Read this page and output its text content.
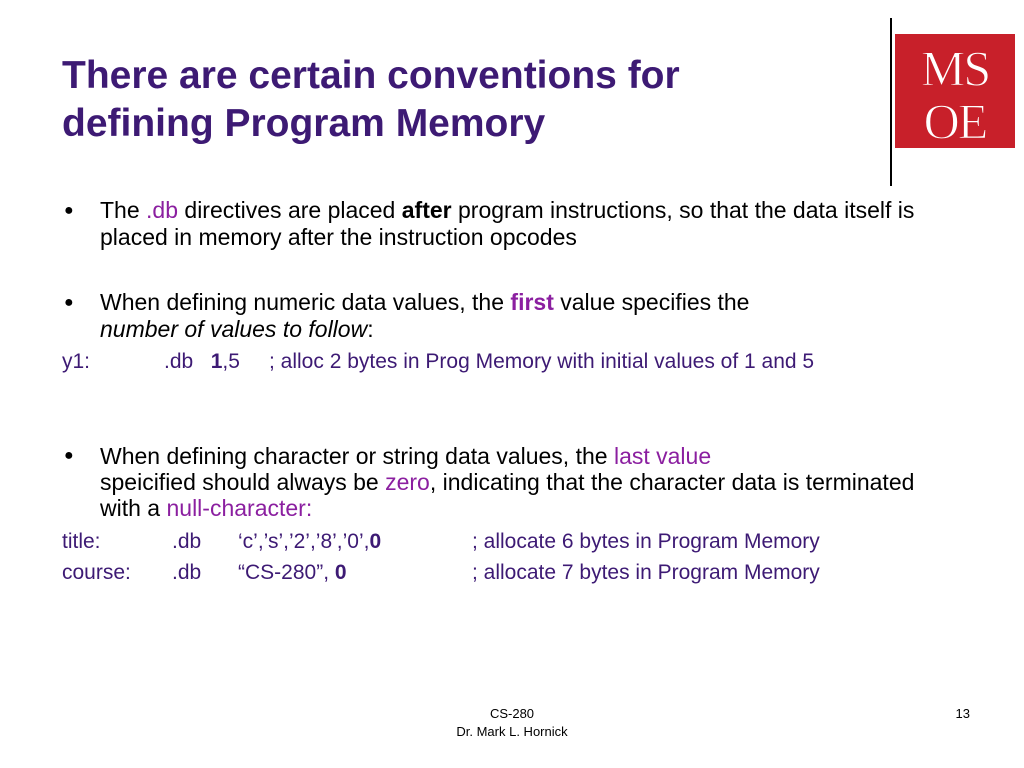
There are certain conventions for
defining Program Memory
MS
OE
● The .db directives are placed after program instructions, so that the data itself is placed in memory after the instruction opcodes
● When defining numeric data values, the first value specifies the
number of values to follow:
y1:	.db 1,5 ; alloc 2 bytes in Prog Memory with initial values of 1 and 5
● When defining character or string data values, the last value
speicified should always be zero, indicating that the character data is terminated with a null-character:
title:	.db ‘c’,’s’,’2’,’8’,’0’,0	; allocate 6 bytes in Program Memory
course: .db “CS-280”, 0	; allocate 7 bytes in Program Memory
CS-280
Dr. Mark L. Hornick
13
